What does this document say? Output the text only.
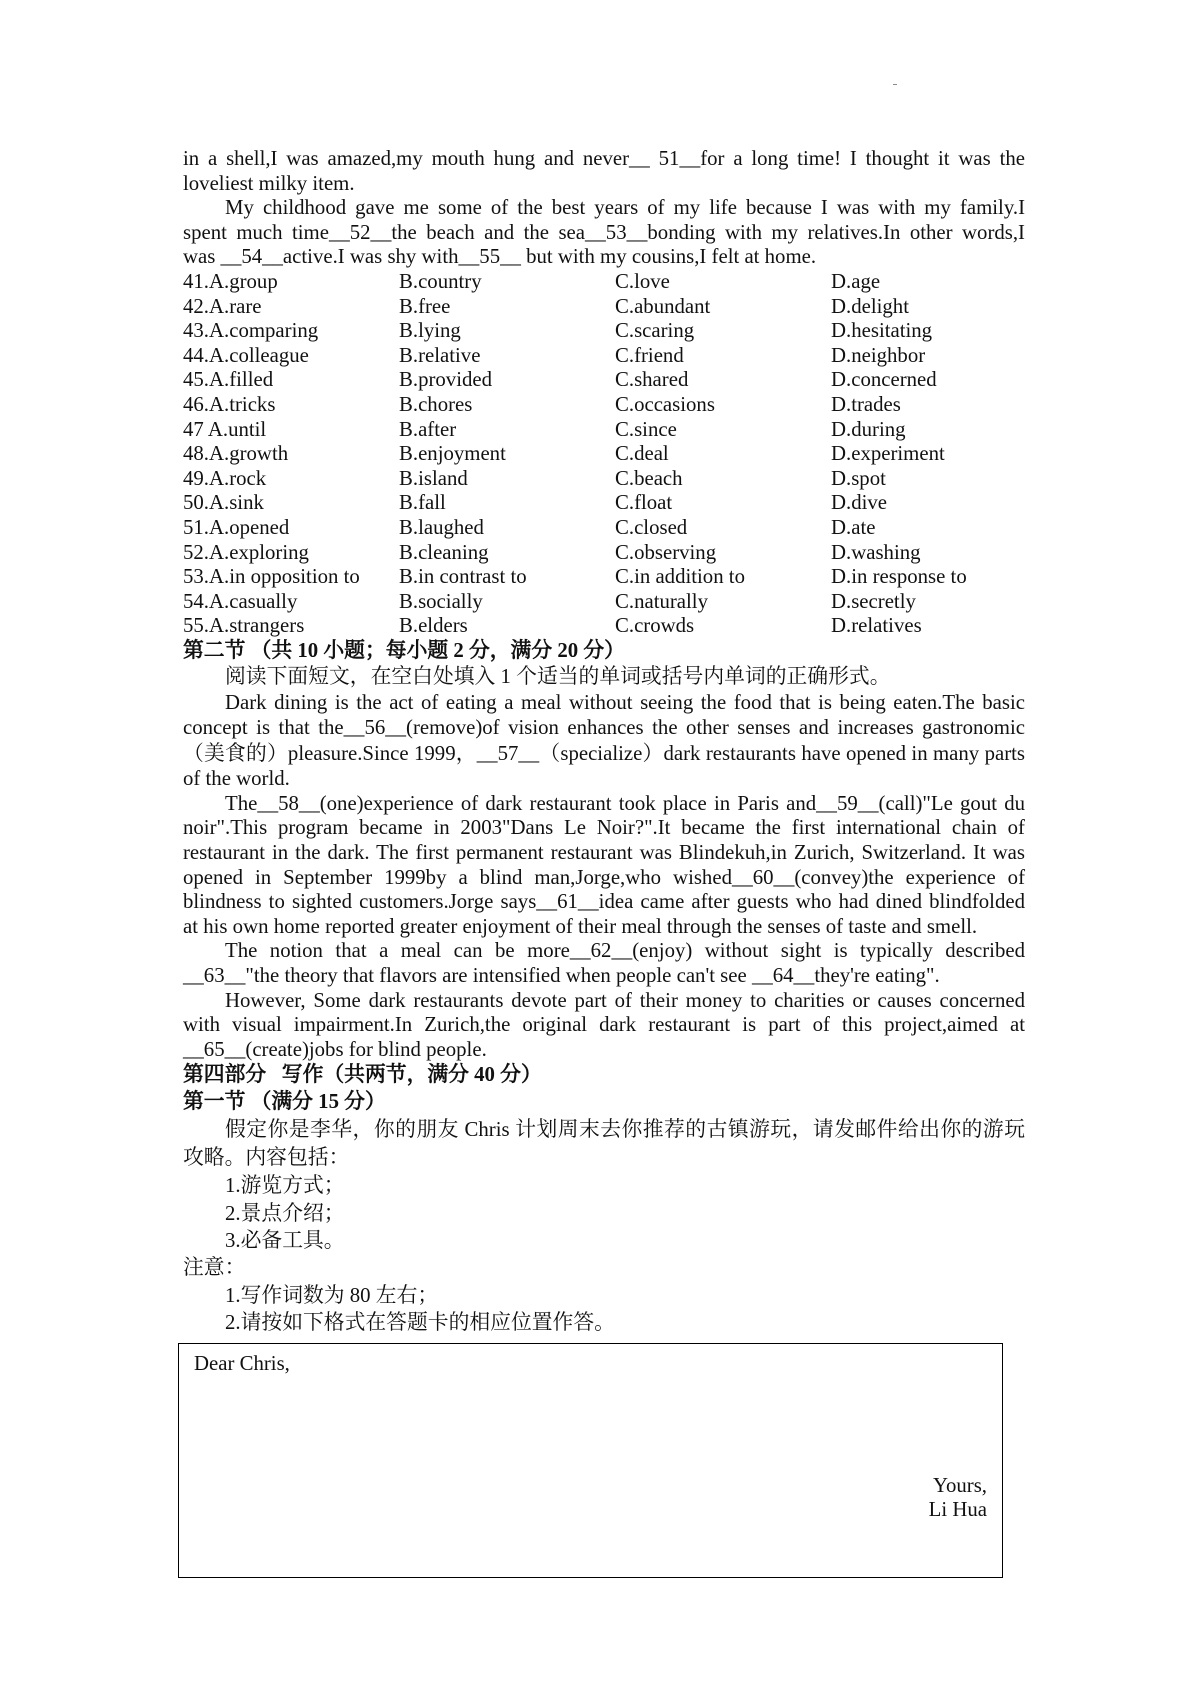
in a shell,I was amazed,my mouth hung and never__ 51__for a long time! I thought it was the
loveliest milky item.
My childhood gave me some of the best years of my life because I was with my family.I
spent much time__52__the beach and the sea__53__bonding with my relatives.In other words,I
was __54__active.I was shy with__55__ but with my cousins,I felt at home.
41.A.group	B.country	C.love	D.age
42.A.rare	B.free	C.abundant	D.delight
43.A.comparing	B.lying	C.scaring	D.hesitating
44.A.colleague	B.relative	C.friend	D.neighbor
45.A.filled	B.provided	C.shared	D.concerned
46.A.tricks	B.chores	C.occasions	D.trades
47 A.until	B.after	C.since	D.during
48.A.growth	B.enjoyment	C.deal	D.experiment
49.A.rock	B.island	C.beach	D.spot
50.A.sink	B.fall	C.float	D.dive
51.A.opened	B.laughed	C.closed	D.ate
52.A.exploring	B.cleaning	C.observing	D.washing
53.A.in opposition to	B.in contrast to	C.in addition to	D.in response to
54.A.casually	B.socially	C.naturally	D.secretly
55.A.strangers	B.elders	C.crowds	D.relatives
第二节 （共 10 小题；每小题 2 分，满分 20 分）
阅读下面短文，在空白处填入 1 个适当的单词或括号内单词的正确形式。
Dark dining is the act of eating a meal without seeing the food that is being eaten.The basic
concept is that the__56__(remove)of vision enhances the other senses and increases gastronomic
（美食的）pleasure.Since 1999，__57__（specialize）dark restaurants have opened in many parts
of the world.
The__58__(one)experience of dark restaurant took place in Paris and__59__(call)"Le gout du
noir".This program became in 2003"Dans Le Noir?".It became the first international chain of
restaurant in the dark. The first permanent restaurant was Blindekuh,in Zurich, Switzerland. It was
opened in September 1999by a blind man,Jorge,who wished__60__(convey)the experience of
blindness to sighted customers.Jorge says__61__idea came after guests who had dined blindfolded
at his own home reported greater enjoyment of their meal through the senses of taste and smell.
The notion that a meal can be more__62__(enjoy) without sight is typically described
__63__"the theory that flavors are intensified when people can't see __64__they're eating".
However, Some dark restaurants devote part of their money to charities or causes concerned
with visual impairment.In Zurich,the original dark restaurant is part of this project,aimed at
__65__(create)jobs for blind people.
第四部分   写作（共两节，满分 40 分）
第一节 （满分 15 分）
假定你是李华，你的朋友 Chris 计划周末去你推荐的古镇游玩，请发邮件给出你的游玩
攻略。内容包括：
1.游览方式；
2.景点介绍；
3.必备工具。
注意：
1.写作词数为 80 左右；
2.请按如下格式在答题卡的相应位置作答。
Dear Chris,
Yours,
Li Hua
